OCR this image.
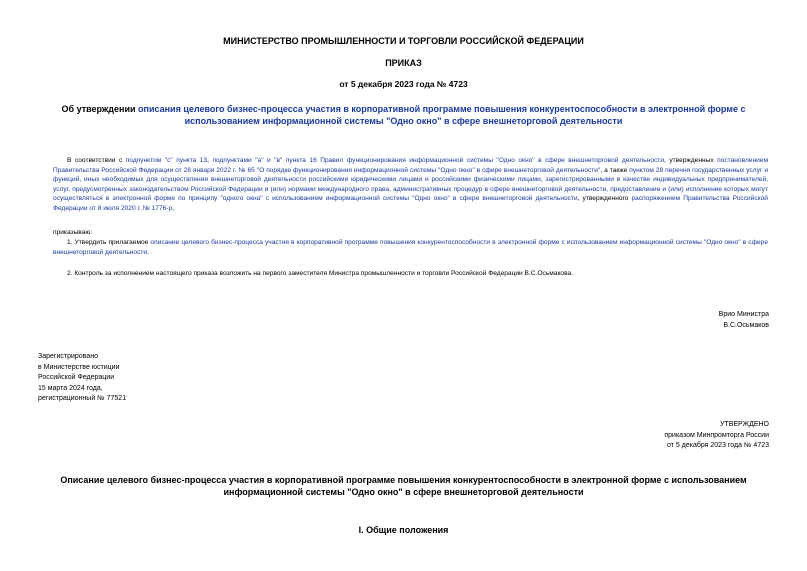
МИНИСТЕРСТВО ПРОМЫШЛЕННОСТИ И ТОРГОВЛИ РОССИЙСКОЙ ФЕДЕРАЦИИ
ПРИКАЗ
от 5 декабря 2023 года № 4723
Об утверждении описания целевого бизнес-процесса участия в корпоративной программе повышения конкурентоспособности в электронной форме с использованием информационной системы "Одно окно" в сфере внешнеторговой деятельности
В соответствии с подпунктом "с" пункта 13, подпунктами "а" и "в" пункта 16 Правил функционирования информационной системы "Одно окно" в сфере внешнеторговой деятельности, утвержденных постановлением Правительства Российской Федерации от 28 января 2022 г. № 65 "О порядке функционирования информационной системы "Одно окно" в сфере внешнеторговой деятельности", а также пунктом 28 перечня государственных услуг и функций, иных необходимых для осуществления внешнеторговой деятельности российскими юридическими лицами и российскими физическими лицами, зарегистрированными в качестве индивидуальных предпринимателей, услуг, предусмотренных законодательством Российской Федерации и (или) нормами международного права, административных процедур в сфере внешнеторговой деятельности, предоставление и (или) исполнение которых могут осуществляться в электронной форме по принципу "одного окна" с использованием информационной системы "Одно окно" в сфере внешнеторговой деятельности, утвержденного распоряжением Правительства Российской Федерации от 8 июля 2020 г. № 1776-р,
приказываю:
1. Утвердить прилагаемое описание целевого бизнес-процесса участия в корпоративной программе повышения конкурентоспособности в электронной форме с использованием информационной системы "Одно окно" в сфере внешнеторговой деятельности.
2. Контроль за исполнением настоящего приказа возложить на первого заместителя Министра промышленности и торговли Российской Федерации В.С.Осьмакова.
Врио Министра
В.С.Осьмаков
Зарегистрировано
в Министерстве юстиции
Российской Федерации
15 марта 2024 года,
регистрационный № 77521
УТВЕРЖДЕНО
приказом Минпромторга России
от 5 декабря 2023 года № 4723
Описание целевого бизнес-процесса участия в корпоративной программе повышения конкурентоспособности в электронной форме с использованием информационной системы "Одно окно" в сфере внешнеторговой деятельности
I. Общие положения
